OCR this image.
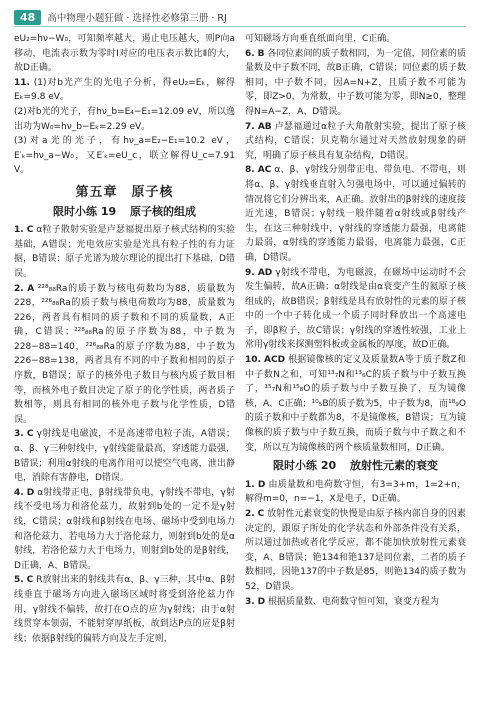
48	高中物理小题狂做 · 选择性必修第三册 · RJ

eU₂=hν−W₀，可知频率越大，遏止电压越大，则P向a移动，电流表示数为零时Ⅰ对应的电压表示数比Ⅱ的大，故D正确。

11. (1)对b光产生的光电子分析，得eU₂=Eₖ，解得Eₖ=9.8 eV。

(2)对b光的光子，有hν_b=E₄−E₁=12.09 eV，所以逸出功为W₀=hν_b−Eₖ=2.29 eV。

(3)对a光的光子，有hν_a=E₂−E₁=10.2 eV，E′ₖ=hν_a−W₀，又E′ₖ=eU_c，联立解得U_c=7.91 V。

第五章　原子核
限时小练 19 原子核的组成

1. C α粒子散射实验是卢瑟福提出原子核式结构的实验基础，A错误；光电效应实验是光具有粒子性的有力证据，B错误；原子光谱为玻尔理论的提出打下基础，D错误。

2. A ²²⁸₈₈Ra的质子数与核电荷数均为88，质量数为228，²²⁶₈₈Ra的质子数与核电荷数均为88，质量数为226，两者具有相同的质子数和不同的质量数，A正确，C错误；²²⁸₈₈Ra的原子序数为88，中子数为228−88=140，²²⁶₈₈Ra的原子序数为88，中子数为226−88=138，两者具有不同的中子数和相同的原子序数，B错误；原子的核外电子数目与核内质子数目相等，而核外电子数目决定了原子的化学性质，两者质子数相等，则具有相同的核外电子数与化学性质，D错误。

3. C γ射线是电磁波，不是高速带电粒子流，A错误；α、β、γ三种射线中，γ射线能量最高，穿透能力最强，B错误；利用α射线的电离作用可以使空气电离，泄出静电，消除有害静电，D错误。

4. D α射线带正电，β射线带负电，γ射线不带电，γ射线不受电场力和洛伦兹力，故射到b处的一定不是γ射线，C错误；α射线和β射线在电场、磁场中受到电场力和洛伦兹力，若电场力大于洛伦兹力，则射到b处的是α射线，若洛伦兹力大于电场力，则射到b处的是β射线，D正确，A、B错误。

5. C R放射出来的射线共有α、β、γ三种，其中α、β射线垂直于磁场方向进入磁场区域时将受到洛伦兹力作用，γ射线不偏转，故打在O点的应为γ射线；由于α射线贯穿本领弱，不能射穿厚纸板，故到达P点的应是β射线；依据β射线的偏转方向及左手定则，

可知磁场方向垂直纸面向里，C正确。

6. B 各同位素间的质子数相同，为一定值，同位素的质量数及中子数不同，故B正确，C错误；同位素的质子数相同，中子数不同，因A=N+Z，且质子数不可能为零，即Z>0，为常数，中子数可能为零，即N≥0，整理得N=A−Z，A、D错误。

7. AB 卢瑟福通过α粒子大角散射实验，提出了原子核式结构，C错误；贝克勒尔通过对天然放射现象的研究，明确了原子核具有复杂结构，D错误。

8. AC α、β、γ射线分别带正电、带负电、不带电，则将α、β、γ射线垂直射入匀强电场中，可以通过偏转的情况将它们分辨出来，A正确。放射出的β射线的速度接近光速，B错误；γ射线一般伴随着α射线或β射线产生，在这三种射线中，γ射线的穿透能力最强，电离能力最弱，α射线的穿透能力最弱，电离能力最强，C正确，D错误。

9. AD γ射线不带电，为电磁波，在磁场中运动时不会发生偏转，故A正确；α射线是由α衰变产生的氦原子核组成的，故B错误；β射线是具有放射性的元素的原子核中的一个中子转化成一个质子同时释放出一个高速电子，即β粒子，故C错误；γ射线的穿透性较强，工业上常用γ射线来探测塑料板或金属板的厚度，故D正确。

10. ACD 根据镜像核的定义及质量数A等于质子数Z和中子数N之和，可知¹³₇N和¹³₆C的质子数与中子数互换了，¹⁵₇N和¹⁵₈O的质子数与中子数互换了，互为镜像核，A、C正确；¹⁰₅B的质子数为5，中子数为8，而¹⁸₉O的质子数和中子数都为8，不是镜像核，B错误；互为镜像核的质子数与中子数互换，而质子数与中子数之和不变，所以互为镜像核的两个核质量数相同，D正确。

限时小练 20 放射性元素的衰变

1. D 由质量数和电荷数守恒，有3=3+m，1=2+n，解得m=0，n=−1，X是电子，D正确。

2. C 放射性元素衰变的快慢是由原子核内部自身的因素决定的，跟原子所处的化学状态和外部条件没有关系，所以通过加热或者化学反应，都不能加快放射性元素衰变，A、B错误；铯134和铯137是同位素，二者的质子数相同，因铯137的中子数是85，则铯134的质子数为52，D错误。

3. D 根据质量数、电荷数守恒可知，衰变方程为
